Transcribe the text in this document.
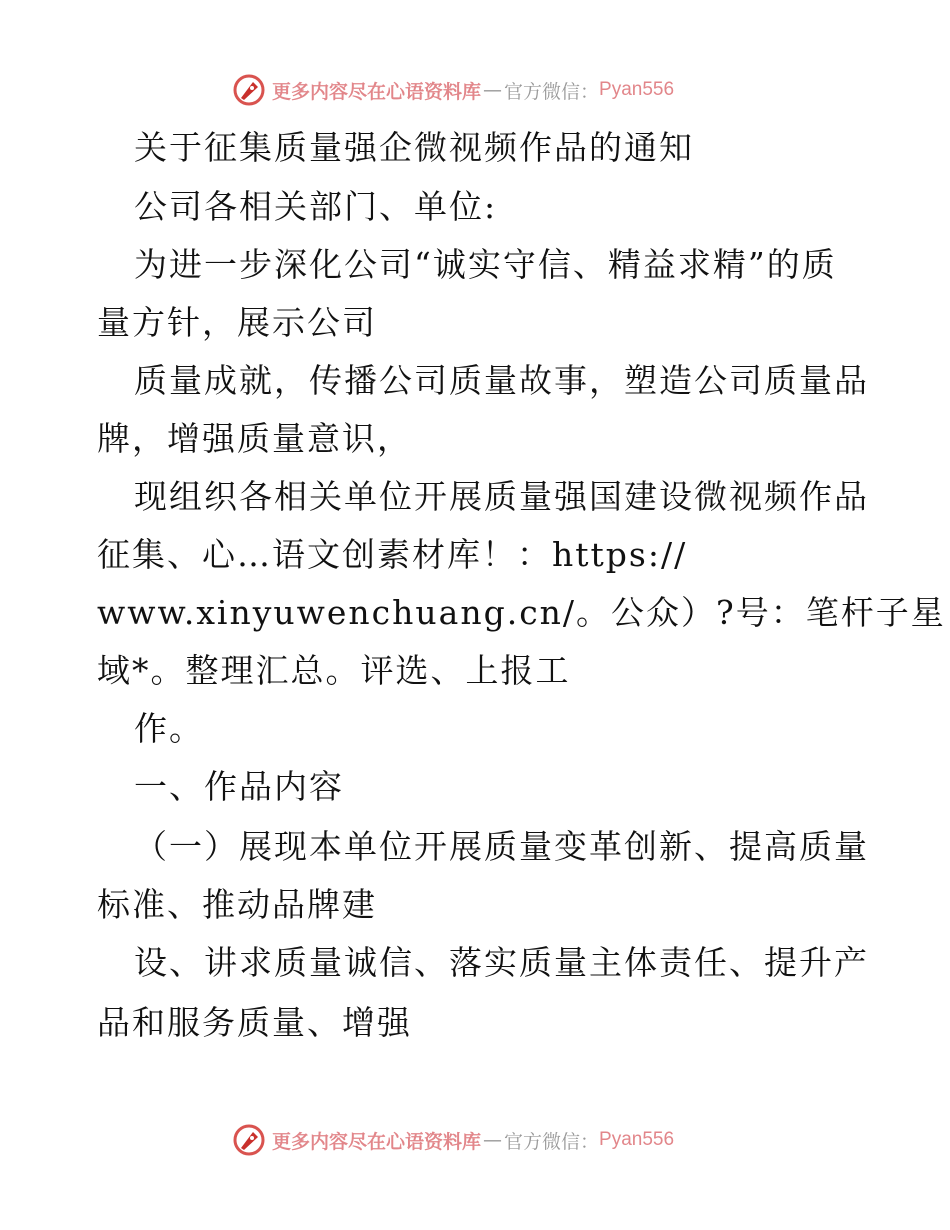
更多内容尽在心语资料库 — 官方微信： Pyan556
关于征集质量强企微视频作品的通知
公司各相关部门、单位:
为进一步深化公司“诚实守信、精益求精”的质
量方针，展示公司
质量成就，传播公司质量故事，塑造公司质量品
牌，增强质量意识，
现组织各相关单位开展质量强国建设微视频作品
征集、心…语文创素材库！：https://
www.xinyuwenchuang.cn/。公众）?号：笔杆子星
域*。整理汇总。评选、上报工
作。
一、作品内容
（一）展现本单位开展质量变革创新、提高质量
标准、推动品牌建
设、讲求质量诚信、落实质量主体责任、提升产
品和服务质量、增强
更多内容尽在心语资料库 — 官方微信： Pyan556
